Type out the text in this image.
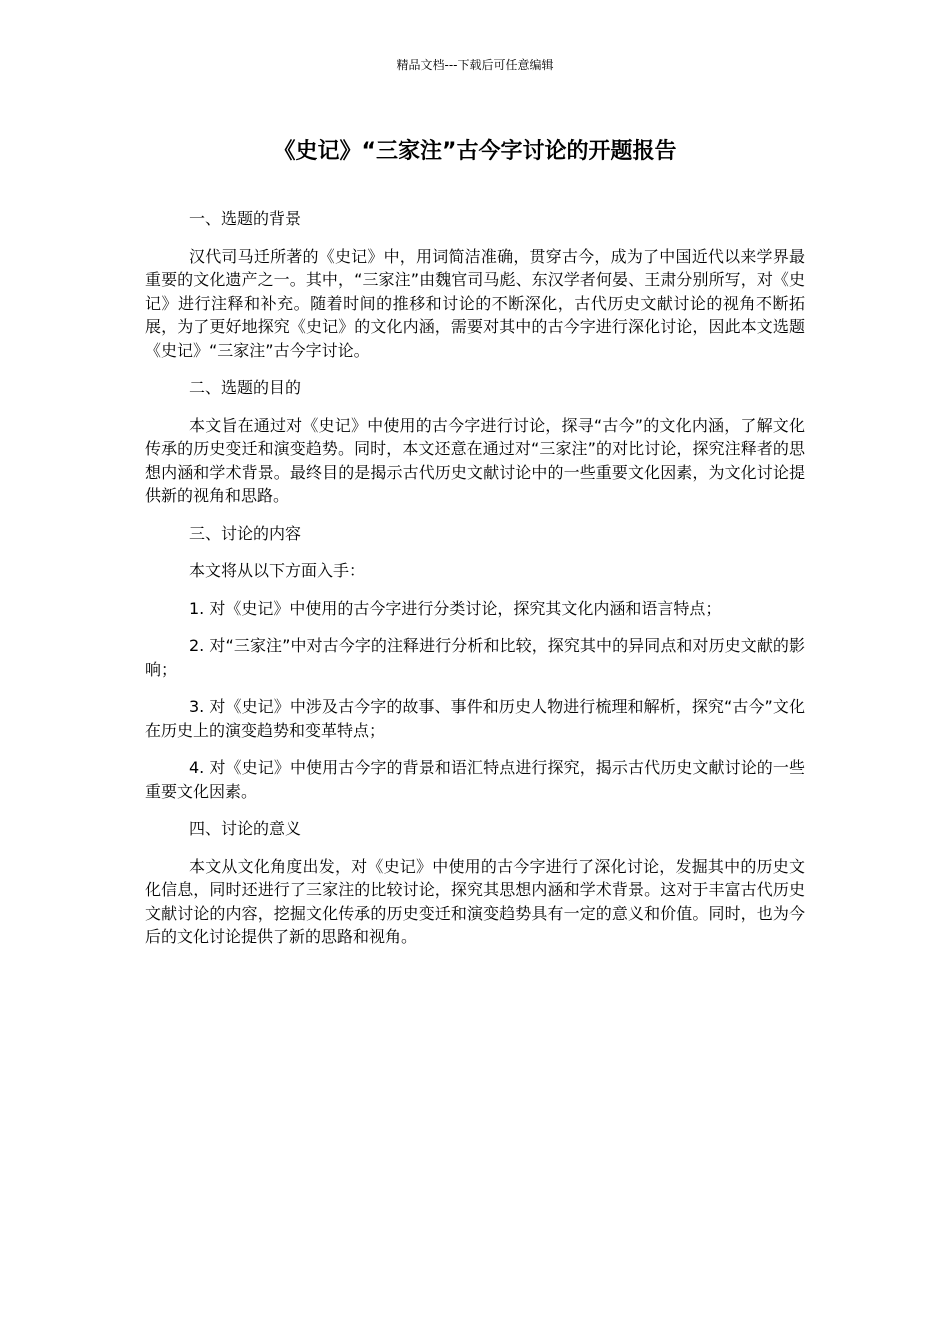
精品文档---下载后可任意编辑
《史记》“三家注”古今字讨论的开题报告

一、选题的背景

汉代司马迁所著的《史记》中，用词简洁准确，贯穿古今，成为了中国近代以来学界最重要的文化遗产之一。其中，“三家注”由魏官司马彪、东汉学者何晏、王肃分别所写，对《史记》进行注释和补充。随着时间的推移和讨论的不断深化，古代历史文献讨论的视角不断拓展，为了更好地探究《史记》的文化内涵，需要对其中的古今字进行深化讨论，因此本文选题《史记》“三家注”古今字讨论。

二、选题的目的

本文旨在通过对《史记》中使用的古今字进行讨论，探寻“古今”的文化内涵，了解文化传承的历史变迁和演变趋势。同时，本文还意在通过对“三家注”的对比讨论，探究注释者的思想内涵和学术背景。最终目的是揭示古代历史文献讨论中的一些重要文化因素，为文化讨论提供新的视角和思路。

三、讨论的内容

本文将从以下方面入手：

1. 对《史记》中使用的古今字进行分类讨论，探究其文化内涵和语言特点；

2. 对“三家注”中对古今字的注释进行分析和比较，探究其中的异同点和对历史文献的影响；

3. 对《史记》中涉及古今字的故事、事件和历史人物进行梳理和解析，探究“古今”文化在历史上的演变趋势和变革特点；

4. 对《史记》中使用古今字的背景和语汇特点进行探究，揭示古代历史文献讨论的一些重要文化因素。

四、讨论的意义

本文从文化角度出发，对《史记》中使用的古今字进行了深化讨论，发掘其中的历史文化信息，同时还进行了三家注的比较讨论，探究其思想内涵和学术背景。这对于丰富古代历史文献讨论的内容，挖掘文化传承的历史变迁和演变趋势具有一定的意义和价值。同时，也为今后的文化讨论提供了新的思路和视角。
